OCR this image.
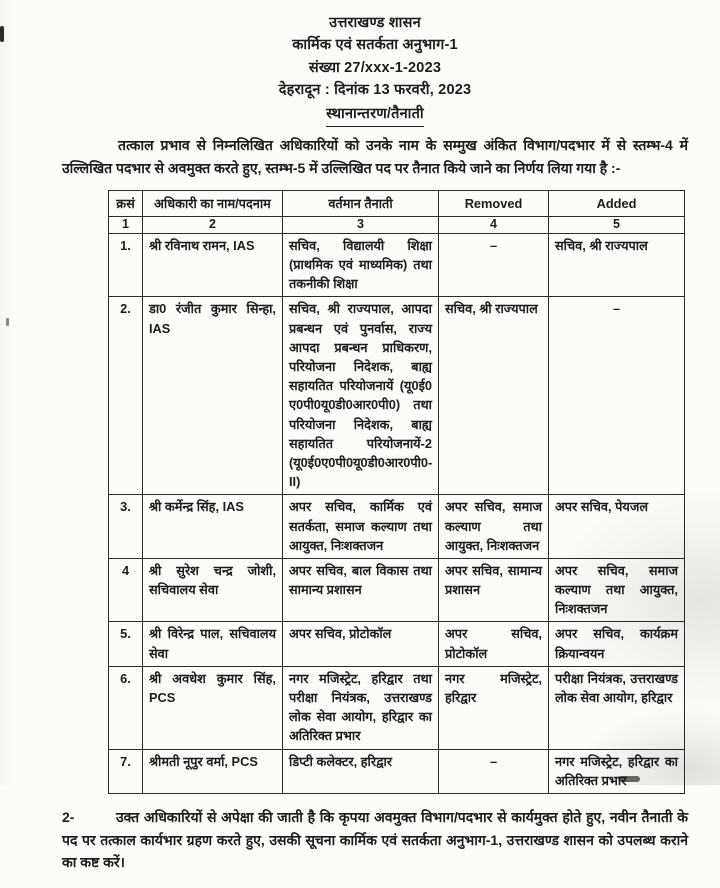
उत्तराखण्ड शासन
कार्मिक एवं सतर्कता अनुभाग-1
संख्या 27/xxx-1-2023
देहरादून : दिनांक 13 फरवरी, 2023
स्थानान्तरण/तैनाती

तत्काल प्रभाव से निम्नलिखित अधिकारियों को उनके नाम के सम्मुख अंकित विभाग/पदभार में से स्तम्भ-4 में उल्लिखित पदभार से अवमुक्त करते हुए, स्तम्भ-5 में उल्लिखित पद पर तैनात किये जाने का निर्णय लिया गया है :-

क्रसं	अधिकारी का नाम/पदनाम	वर्तमान तैनाती	Removed	Added
1	2	3	4	5
1.	श्री रविनाथ रामन, IAS	सचिव, विद्यालयी शिक्षा (प्राथमिक एवं माध्यमिक) तथा तकनीकी शिक्षा	–	सचिव, श्री राज्यपाल
2.	डा0 रंजीत कुमार सिन्हा, IAS	सचिव, श्री राज्यपाल, आपदा प्रबन्धन एवं पुनर्वास, राज्य आपदा प्रबन्धन प्राधिकरण, परियोजना निदेशक, बाह्य सहायतित परियोजनायें (यू0ई0 ए0पी0यू0डी0आर0पी0) तथा परियोजना निदेशक, बाह्य सहायतित परियोजनायें-2 (यू0ई0ए0पी0यू0डी0आर0पी0-II)	सचिव, श्री राज्यपाल	–
3.	श्री कर्मेन्द्र सिंह, IAS	अपर सचिव, कार्मिक एवं सतर्कता, समाज कल्याण तथा आयुक्त, निःशक्तजन	अपर सचिव, समाज कल्याण तथा आयुक्त, निःशक्तजन	अपर सचिव, पेयजल
4	श्री सुरेश चन्द्र जोशी, सचिवालय सेवा	अपर सचिव, बाल विकास तथा सामान्य प्रशासन	अपर सचिव, सामान्य प्रशासन	अपर सचिव, समाज कल्याण तथा आयुक्त, निःशक्तजन
5.	श्री विरेन्द्र पाल, सचिवालय सेवा	अपर सचिव, प्रोटोकॉल	अपर सचिव, प्रोटोकॉल	अपर सचिव, कार्यक्रम क्रियान्वयन
6.	श्री अवधेश कुमार सिंह, PCS	नगर मजिस्ट्रेट, हरिद्वार तथा परीक्षा नियंत्रक, उत्तराखण्ड लोक सेवा आयोग, हरिद्वार का अतिरिक्त प्रभार	नगर मजिस्ट्रेट, हरिद्वार	परीक्षा नियंत्रक, उत्तराखण्ड लोक सेवा आयोग, हरिद्वार
7.	श्रीमती नूपुर वर्मा, PCS	डिप्टी कलेक्टर, हरिद्वार	–	नगर मजिस्ट्रेट, हरिद्वार का अतिरिक्त प्रभार

2-	उक्त अधिकारियों से अपेक्षा की जाती है कि कृपया अवमुक्त विभाग/पदभार से कार्यमुक्त होते हुए, नवीन तैनाती के पद पर तत्काल कार्यभार ग्रहण करते हुए, उसकी सूचना कार्मिक एवं सतर्कता अनुभाग-1, उत्तराखण्ड शासन को उपलब्ध कराने का कष्ट करें।
